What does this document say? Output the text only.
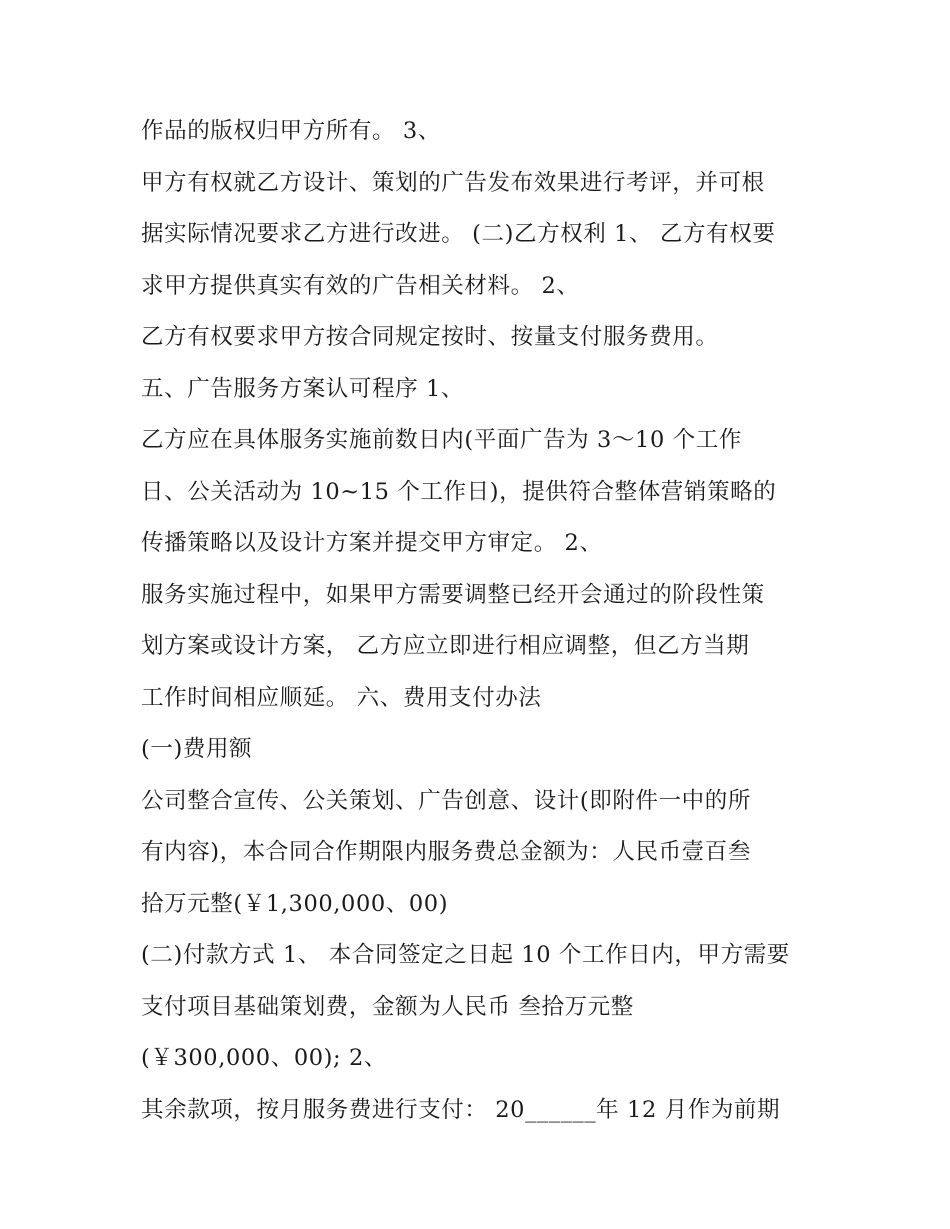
作品的版权归甲方所有。 3、
甲方有权就乙方设计、策划的广告发布效果进行考评，并可根
据实际情况要求乙方进行改进。 (二)乙方权利 1、 乙方有权要
求甲方提供真实有效的广告相关材料。 2、
乙方有权要求甲方按合同规定按时、按量支付服务费用。
五、广告服务方案认可程序 1、
乙方应在具体服务实施前数日内(平面广告为 3～10 个工作
日、公关活动为 10~15 个工作日)，提供符合整体营销策略的
传播策略以及设计方案并提交甲方审定。 2、
服务实施过程中，如果甲方需要调整已经开会通过的阶段性策
划方案或设计方案， 乙方应立即进行相应调整，但乙方当期
工作时间相应顺延。 六、费用支付办法
(一)费用额
公司整合宣传、公关策划、广告创意、设计(即附件一中的所
有内容)，本合同合作期限内服务费总金额为：人民币壹百叁
拾万元整(￥1,300,000、00)
(二)付款方式 1、 本合同签定之日起 10 个工作日内，甲方需要
支付项目基础策划费，金额为人民币 叁拾万元整
(￥300,000、00); 2、
其余款项，按月服务费进行支付： 20______年 12 月作为前期
